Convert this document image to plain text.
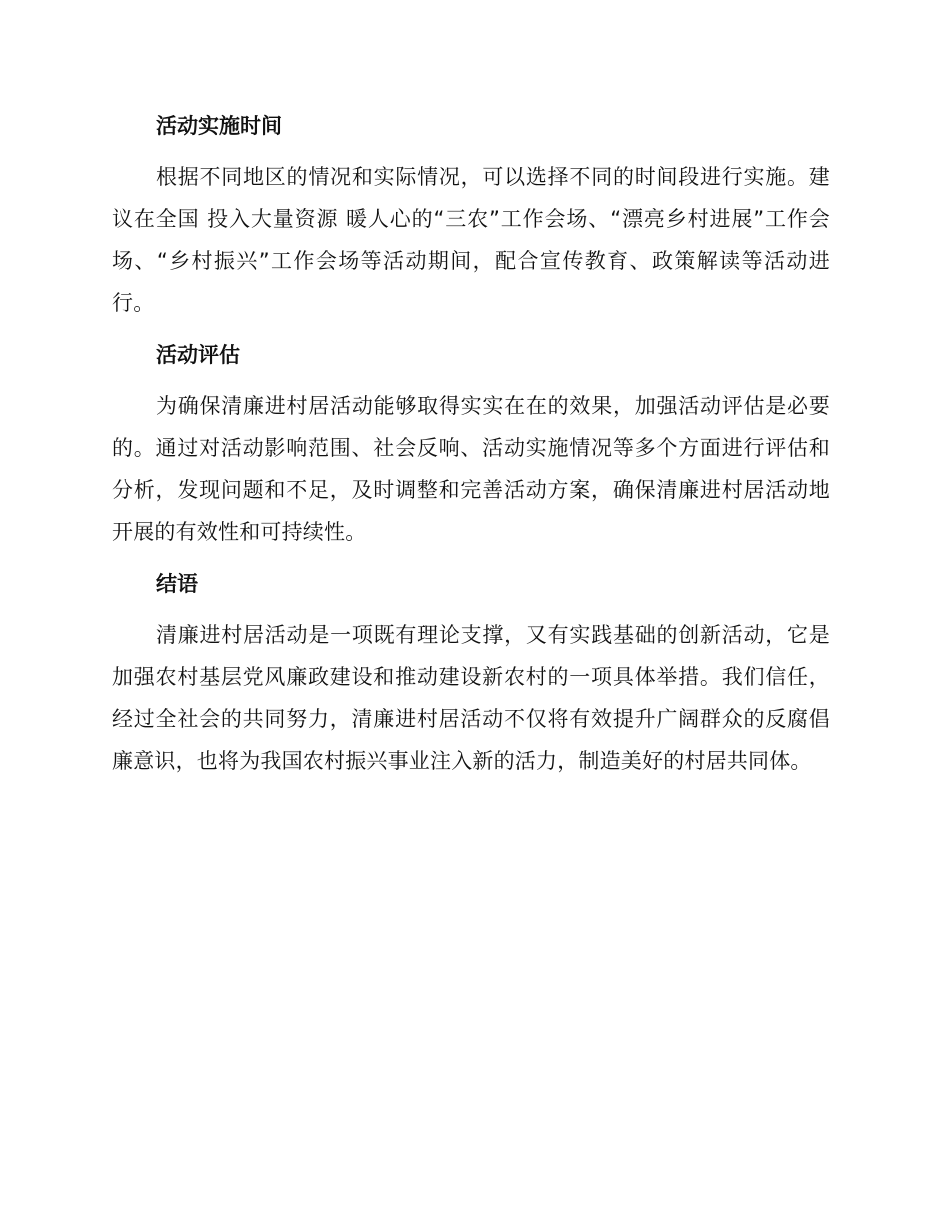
活动实施时间

根据不同地区的情况和实际情况，可以选择不同的时间段进行实施。建议在全国 投入大量资源 暖人心的“三农”工作会场、“漂亮乡村进展”工作会场、“乡村振兴”工作会场等活动期间，配合宣传教育、政策解读等活动进行。

活动评估

为确保清廉进村居活动能够取得实实在在的效果，加强活动评估是必要的。通过对活动影响范围、社会反响、活动实施情况等多个方面进行评估和分析，发现问题和不足，及时调整和完善活动方案，确保清廉进村居活动地开展的有效性和可持续性。

结语

清廉进村居活动是一项既有理论支撑，又有实践基础的创新活动，它是加强农村基层党风廉政建设和推动建设新农村的一项具体举措。我们信任，经过全社会的共同努力，清廉进村居活动不仅将有效提升广阔群众的反腐倡廉意识，也将为我国农村振兴事业注入新的活力，制造美好的村居共同体。
